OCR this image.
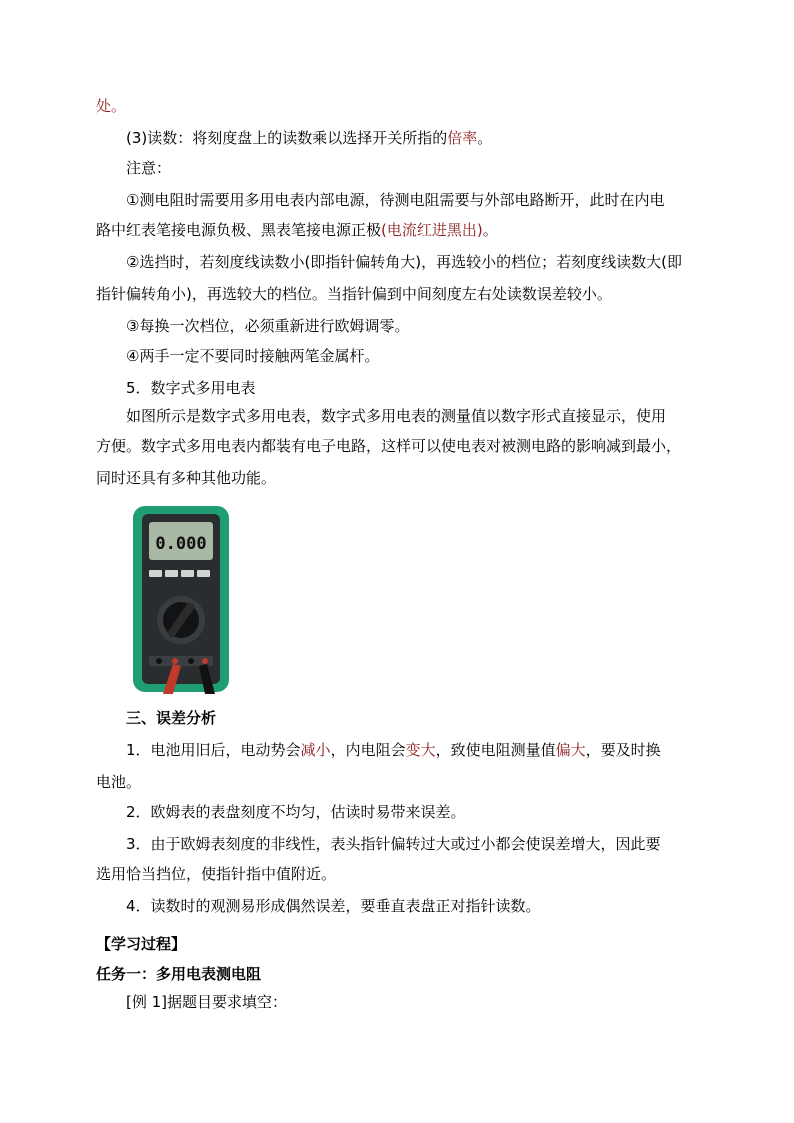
处。
(3)读数：将刻度盘上的读数乘以选择开关所指的倍率。
注意：
①测电阻时需要用多用电表内部电源，待测电阻需要与外部电路断开，此时在内电
路中红表笔接电源负极、黑表笔接电源正极(电流红进黑出)。
②选挡时，若刻度线读数小(即指针偏转角大)，再选较小的档位；若刻度线读数大(即
指针偏转角小)，再选较大的档位。当指针偏到中间刻度左右处读数误差较小。
③每换一次档位，必须重新进行欧姆调零。
④两手一定不要同时接触两笔金属杆。
5．数字式多用电表
如图所示是数字式多用电表，数字式多用电表的测量值以数字形式直接显示，使用
方便。数字式多用电表内都装有电子电路，这样可以使电表对被测电路的影响减到最小，
同时还具有多种其他功能。
0.000
三、误差分析
1．电池用旧后，电动势会减小，内电阻会变大，致使电阻测量值偏大，要及时换
电池。
2．欧姆表的表盘刻度不均匀，估读时易带来误差。
3．由于欧姆表刻度的非线性，表头指针偏转过大或过小都会使误差增大，因此要
选用恰当挡位，使指针指中值附近。
4．读数时的观测易形成偶然误差，要垂直表盘正对指针读数。
【学习过程】
任务一：多用电表测电阻
[例 1]据题目要求填空：
